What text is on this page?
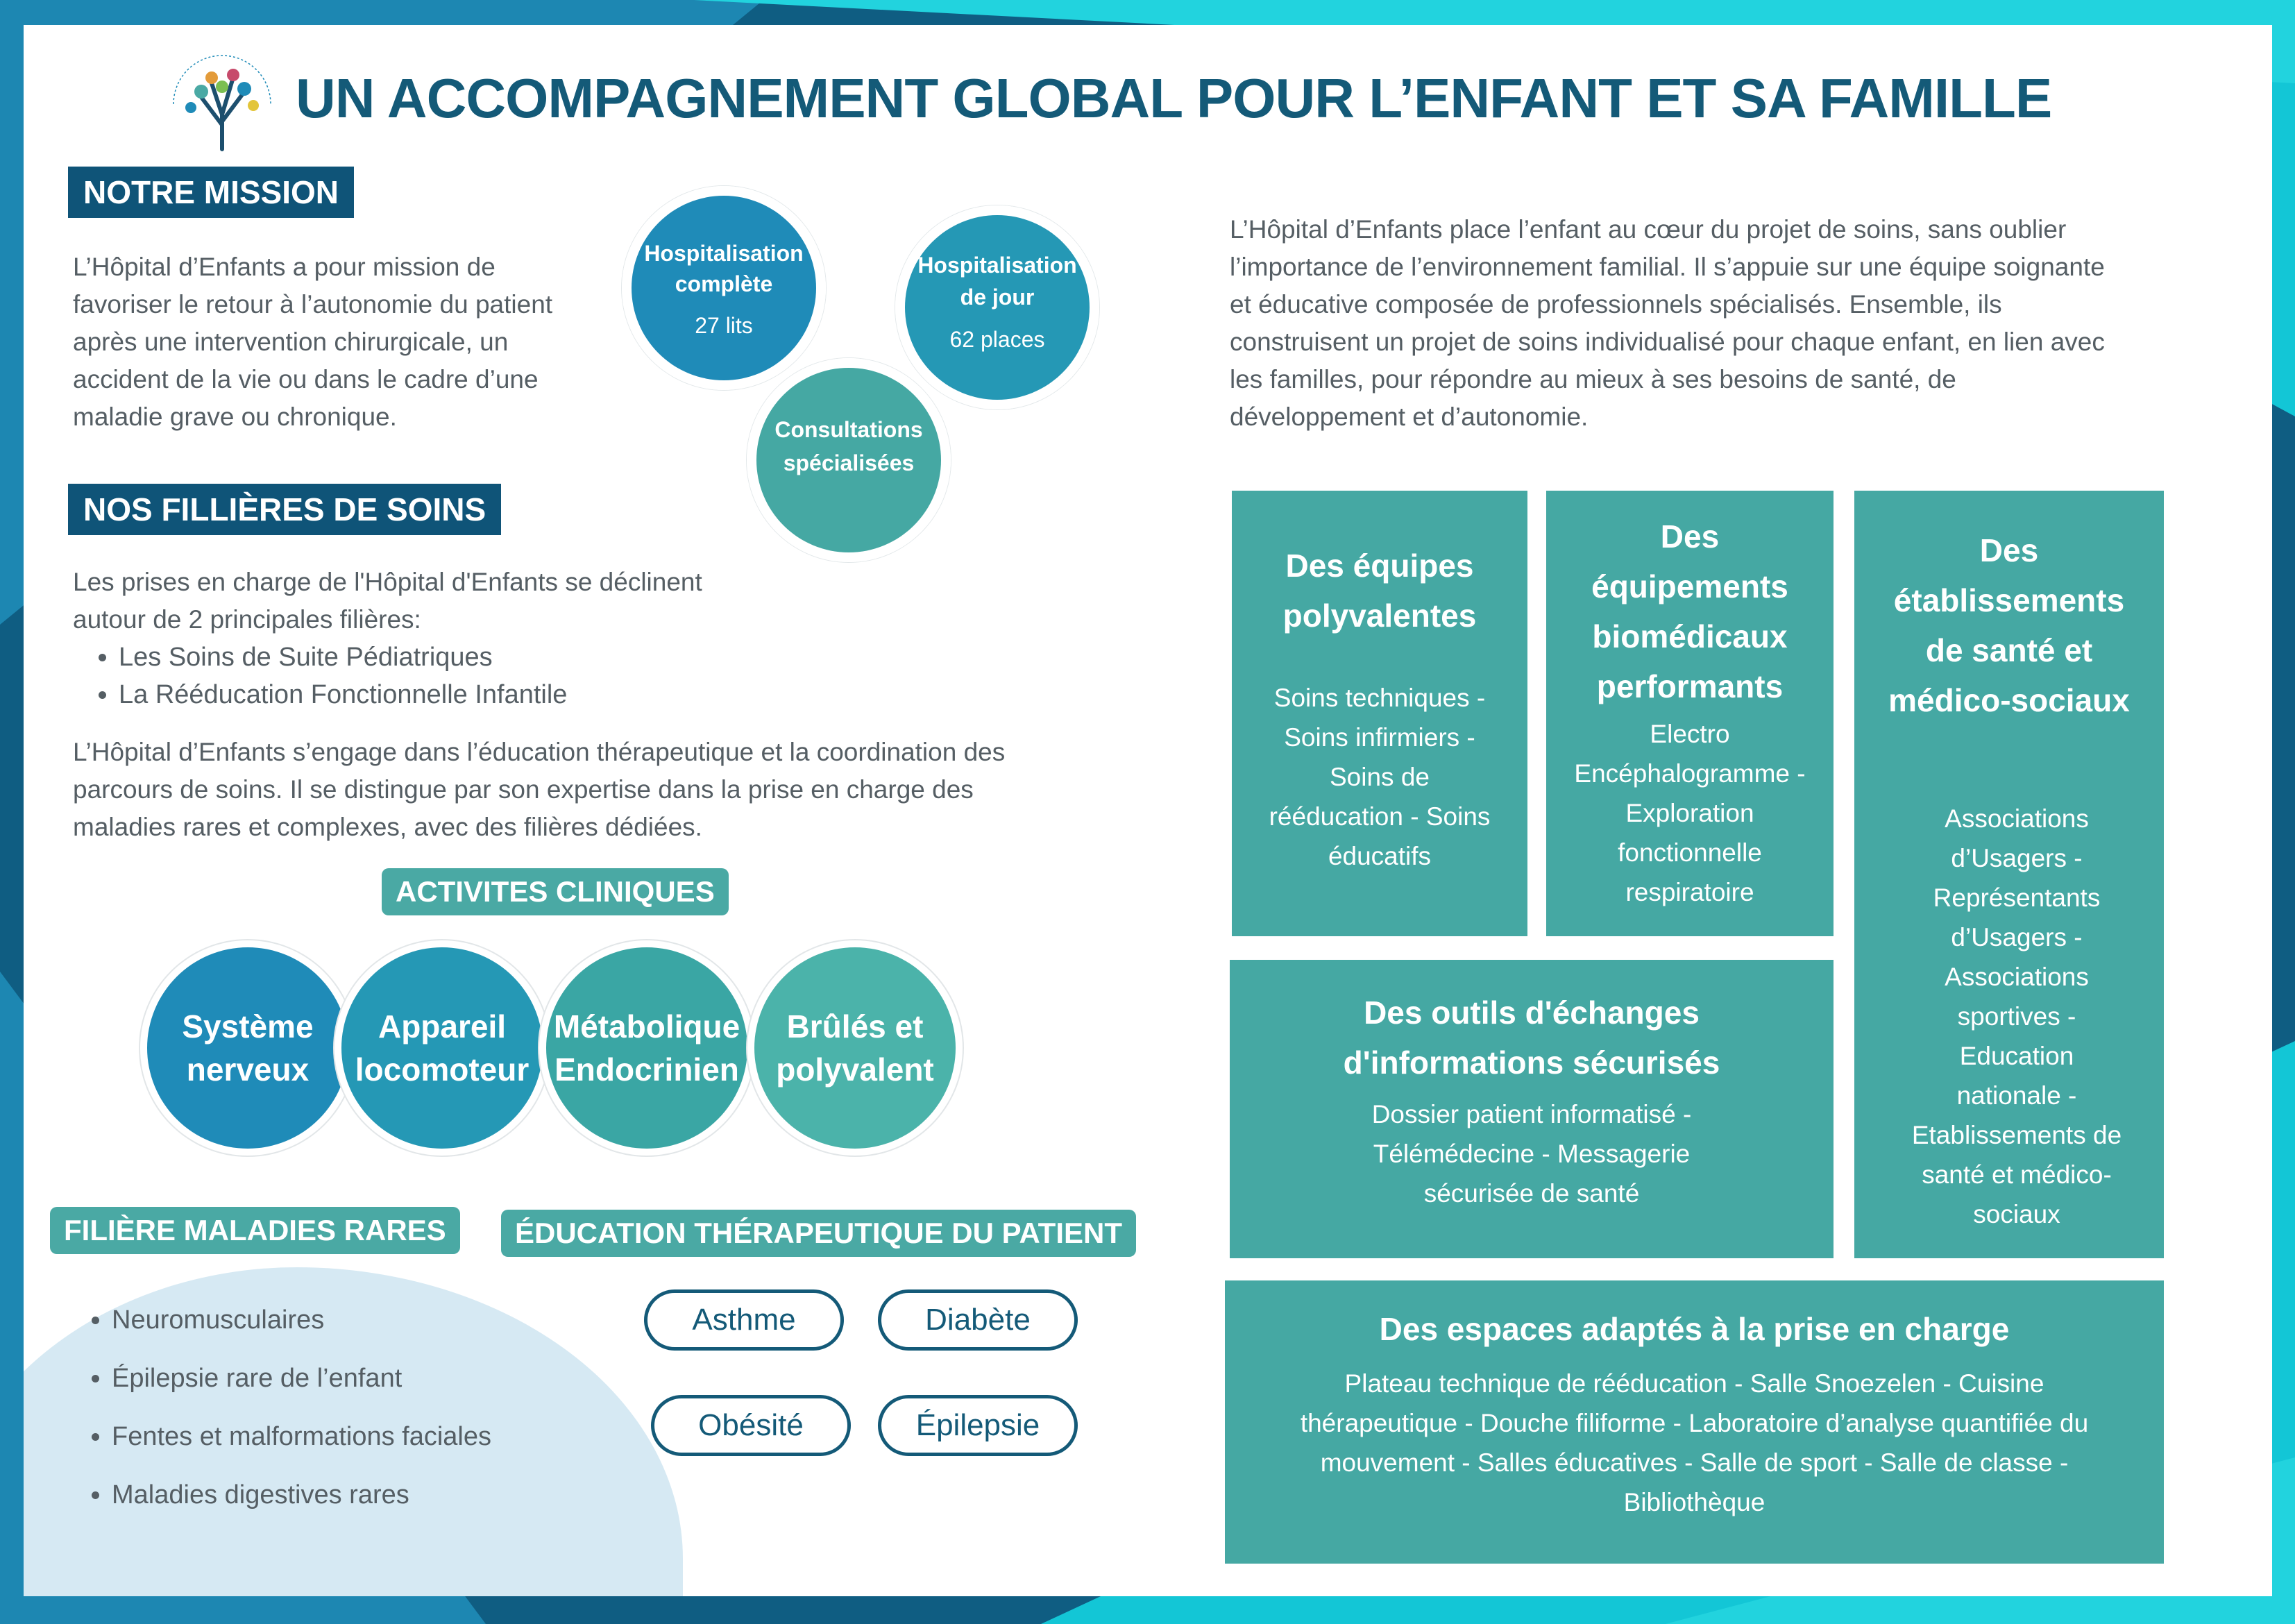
UN ACCOMPAGNEMENT GLOBAL POUR L’ENFANT ET SA FAMILLE
NOTRE MISSION
L’Hôpital d’Enfants a pour mission de
favoriser le retour à l’autonomie du patient
après une intervention chirurgicale, un
accident de la vie ou dans le cadre d’une
maladie grave ou chronique.
Hospitalisation
complète
27 lits
Hospitalisation
de jour
62 places
Consultations
spécialisées
L’Hôpital d’Enfants place l’enfant au cœur du projet de soins, sans oublier
l’importance de l’environnement familial. Il s’appuie sur une équipe soignante
et éducative composée de professionnels spécialisés. Ensemble, ils
construisent un projet de soins individualisé pour chaque enfant, en lien avec
les familles, pour répondre au mieux à ses besoins de santé, de
développement et d’autonomie.
NOS FILLIÈRES DE SOINS
Les prises en charge de l'Hôpital d'Enfants se déclinent
autour de 2 principales filières:
• Les Soins de Suite Pédiatriques
• La Rééducation Fonctionnelle Infantile
L’Hôpital d’Enfants s’engage dans l’éducation thérapeutique et la coordination des
parcours de soins. Il se distingue par son expertise dans la prise en charge des
maladies rares et complexes, avec des filières dédiées.
ACTIVITES CLINIQUES
Système
nerveux
Appareil
locomoteur
Métabolique
Endocrinien
Brûlés et
polyvalent
FILIÈRE MALADIES RARES
• Neuromusculaires
• Épilepsie rare de l’enfant
• Fentes et malformations faciales
• Maladies digestives rares
ÉDUCATION THÉRAPEUTIQUE DU PATIENT
Asthme	Diabète
Obésité	Épilepsie
Des équipes
polyvalentes
Soins techniques -
Soins infirmiers -
Soins de
rééducation - Soins
éducatifs
Des
équipements
biomédicaux
performants
Electro
Encéphalogramme -
Exploration
fonctionnelle
respiratoire
Des
établissements
de santé et
médico-sociaux
Associations
d’Usagers -
Représentants
d’Usagers -
Associations
sportives -
Education
nationale -
Etablissements de
santé et médico-
sociaux
Des outils d'échanges
d'informations sécurisés
Dossier patient informatisé -
Télémédecine - Messagerie
sécurisée de santé
Des espaces adaptés à la prise en charge
Plateau technique de rééducation - Salle Snoezelen - Cuisine
thérapeutique - Douche filiforme - Laboratoire d’analyse quantifiée du
mouvement - Salles éducatives - Salle de sport - Salle de classe -
Bibliothèque
